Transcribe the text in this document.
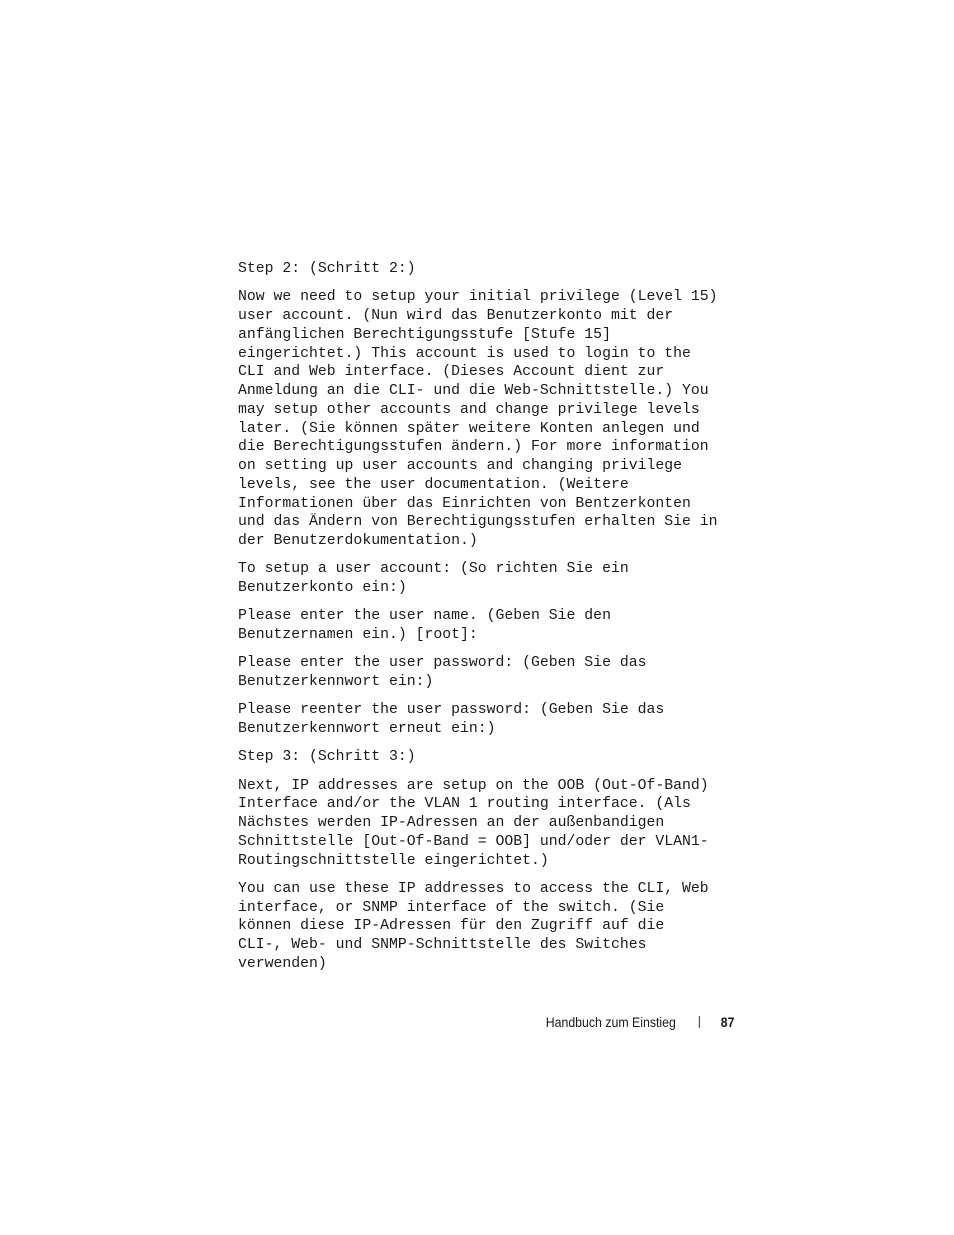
Step 2: (Schritt 2:)

Now we need to setup your initial privilege (Level 15)
user account. (Nun wird das Benutzerkonto mit der
anfänglichen Berechtigungsstufe [Stufe 15]
eingerichtet.) This account is used to login to the
CLI and Web interface. (Dieses Account dient zur
Anmeldung an die CLI- und die Web-Schnittstelle.) You
may setup other accounts and change privilege levels
later. (Sie können später weitere Konten anlegen und
die Berechtigungsstufen ändern.) For more information
on setting up user accounts and changing privilege
levels, see the user documentation. (Weitere
Informationen über das Einrichten von Bentzerkonten
und das Ändern von Berechtigungsstufen erhalten Sie in
der Benutzerdokumentation.)

To setup a user account: (So richten Sie ein
Benutzerkonto ein:)

Please enter the user name. (Geben Sie den
Benutzernamen ein.) [root]:

Please enter the user password: (Geben Sie das
Benutzerkennwort ein:)

Please reenter the user password: (Geben Sie das
Benutzerkennwort erneut ein:)

Step 3: (Schritt 3:)

Next, IP addresses are setup on the OOB (Out-Of-Band)
Interface and/or the VLAN 1 routing interface. (Als
Nächstes werden IP-Adressen an der außenbandigen
Schnittstelle [Out-Of-Band = OOB] und/oder der VLAN1-
Routingschnittstelle eingerichtet.)

You can use these IP addresses to access the CLI, Web
interface, or SNMP interface of the switch. (Sie
können diese IP-Adressen für den Zugriff auf die
CLI-, Web- und SNMP-Schnittstelle des Switches
verwenden)

Handbuch zum Einstieg	87
